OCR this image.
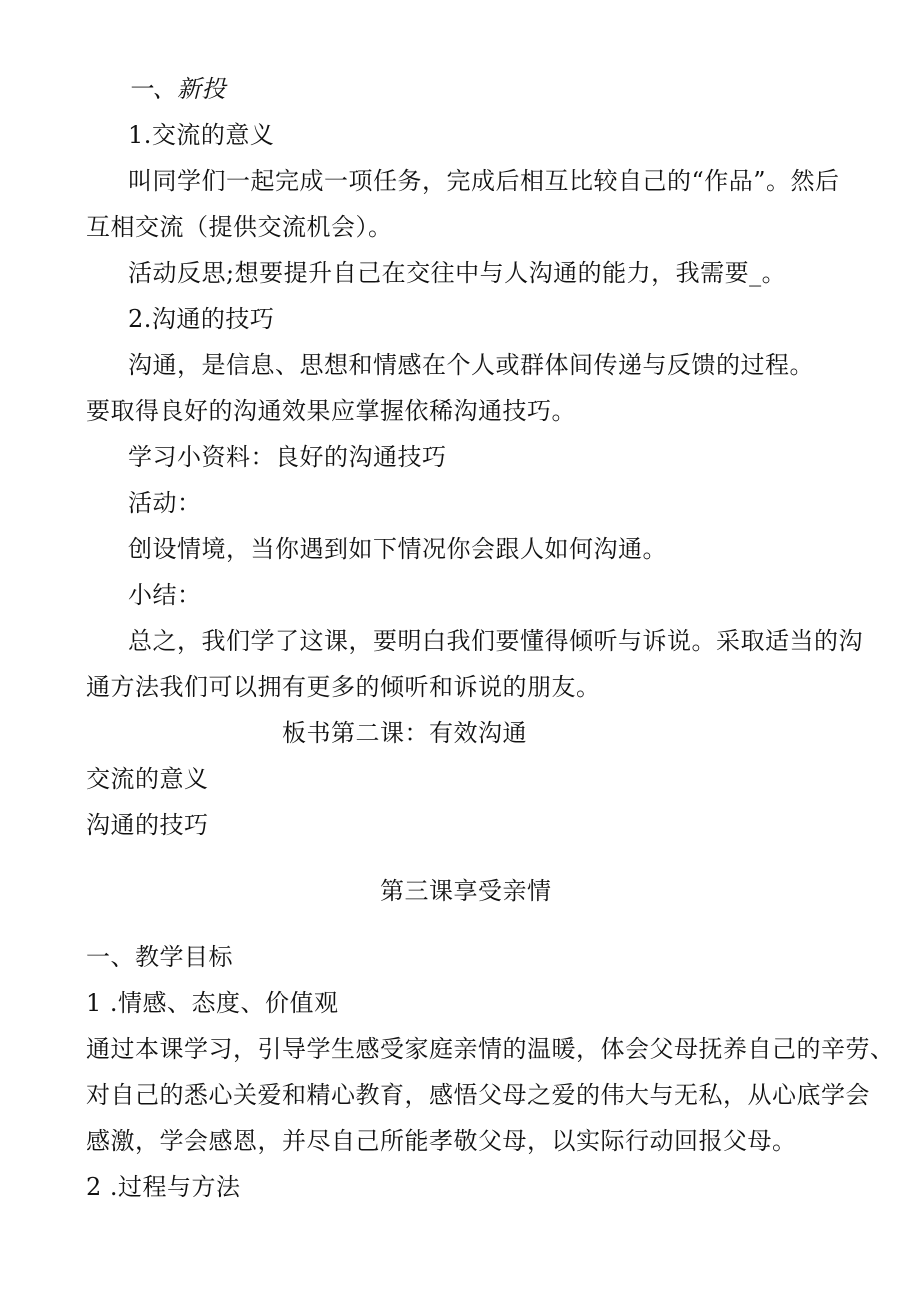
一、新投
1.交流的意义
叫同学们一起完成一项任务，完成后相互比较自己的“作品”。然后
互相交流（提供交流机会）。
活动反思;想要提升自己在交往中与人沟通的能力，我需要_。
2.沟通的技巧
沟通，是信息、思想和情感在个人或群体间传递与反馈的过程。
要取得良好的沟通效果应掌握依稀沟通技巧。
学习小资料：良好的沟通技巧
活动：
创设情境，当你遇到如下情况你会跟人如何沟通。
小结：
总之，我们学了这课，要明白我们要懂得倾听与诉说。采取适当的沟
通方法我们可以拥有更多的倾听和诉说的朋友。
板书第二课：有效沟通
交流的意义
沟通的技巧
第三课享受亲情
一、教学目标
1 .情感、态度、价值观
通过本课学习，引导学生感受家庭亲情的温暖，体会父母抚养自己的辛劳、
对自己的悉心关爱和精心教育，感悟父母之爱的伟大与无私，从心底学会
感激，学会感恩，并尽自己所能孝敬父母，以实际行动回报父母。
2 .过程与方法
